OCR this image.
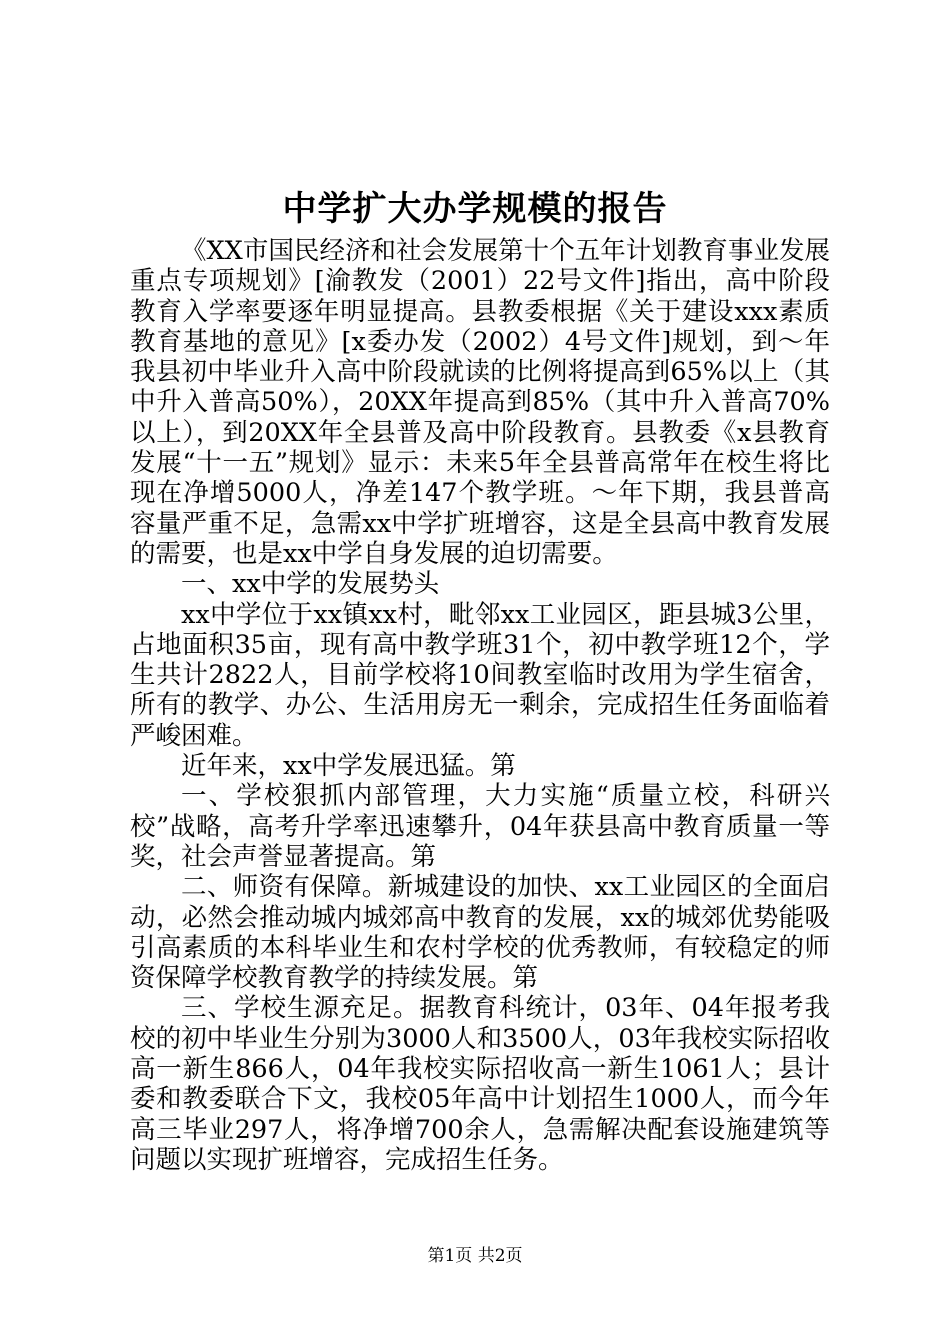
中学扩大办学规模的报告

《XX市国民经济和社会发展第十个五年计划教育事业发展重点专项规划》[渝教发（2001）22号文件]指出，高中阶段教育入学率要逐年明显提高。县教委根据《关于建设xxx素质教育基地的意见》[x委办发（2002）4号文件]规划，到～年我县初中毕业升入高中阶段就读的比例将提高到65%以上（其中升入普高50%），20XX年提高到85%（其中升入普高70%以上），到20XX年全县普及高中阶段教育。县教委《x县教育发展“十一五”规划》显示：未来5年全县普高常年在校生将比现在净增5000人，净差147个教学班。～年下期，我县普高容量严重不足，急需xx中学扩班增容，这是全县高中教育发展的需要，也是xx中学自身发展的迫切需要。

一、xx中学的发展势头

xx中学位于xx镇xx村，毗邻xx工业园区，距县城3公里，占地面积35亩，现有高中教学班31个，初中教学班12个，学生共计2822人，目前学校将10间教室临时改用为学生宿舍，所有的教学、办公、生活用房无一剩余，完成招生任务面临着严峻困难。

近年来，xx中学发展迅猛。第

一、学校狠抓内部管理，大力实施“质量立校，科研兴校”战略，高考升学率迅速攀升，04年获县高中教育质量一等奖，社会声誉显著提高。第

二、师资有保障。新城建设的加快、xx工业园区的全面启动，必然会推动城内城郊高中教育的发展，xx的城郊优势能吸引高素质的本科毕业生和农村学校的优秀教师，有较稳定的师资保障学校教育教学的持续发展。第

三、学校生源充足。据教育科统计，03年、04年报考我校的初中毕业生分别为3000人和3500人，03年我校实际招收高一新生866人，04年我校实际招收高一新生1061人；县计委和教委联合下文，我校05年高中计划招生1000人，而今年高三毕业297人，将净增700余人，急需解决配套设施建筑等问题以实现扩班增容，完成招生任务。

第1页 共2页
